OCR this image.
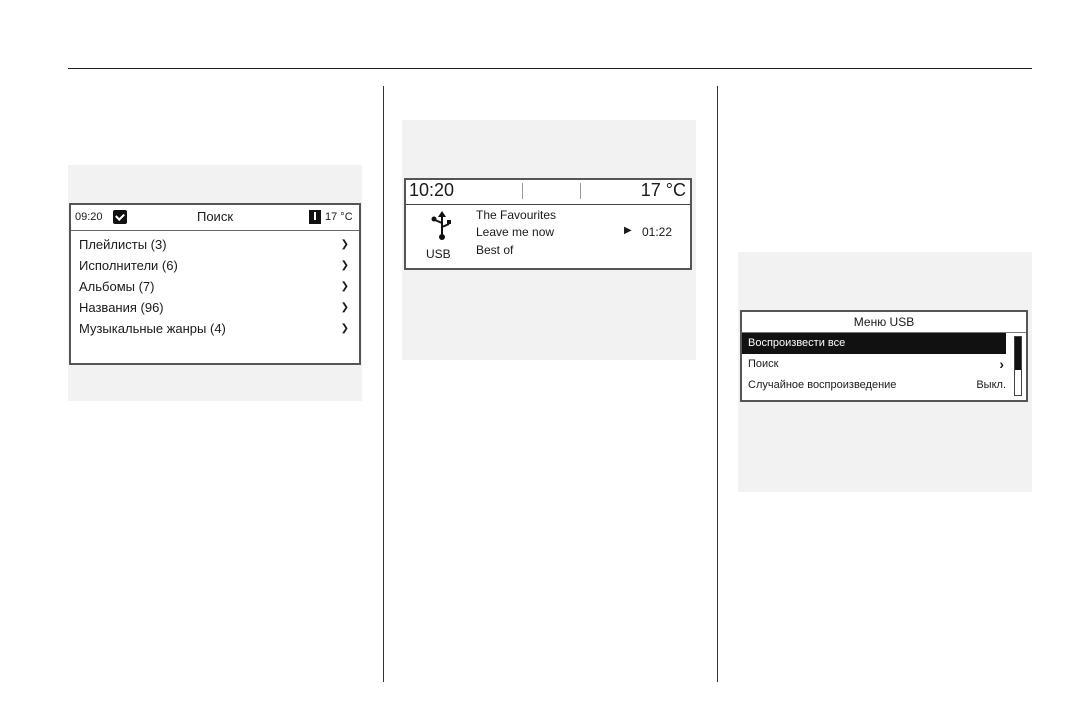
09:20	Поиск	17 °C
Плейлисты (3)	❯
Исполнители (6)	❯
Альбомы (7)	❯
Названия (96)	❯
Музыкальные жанры (4)	❯
10:20	17 °C
USB
The Favourites
Leave me now
Best of
▶ 01:22
Меню USB
Воспроизвести все
Поиск	›
Случайное воспроизведение	Выкл.
